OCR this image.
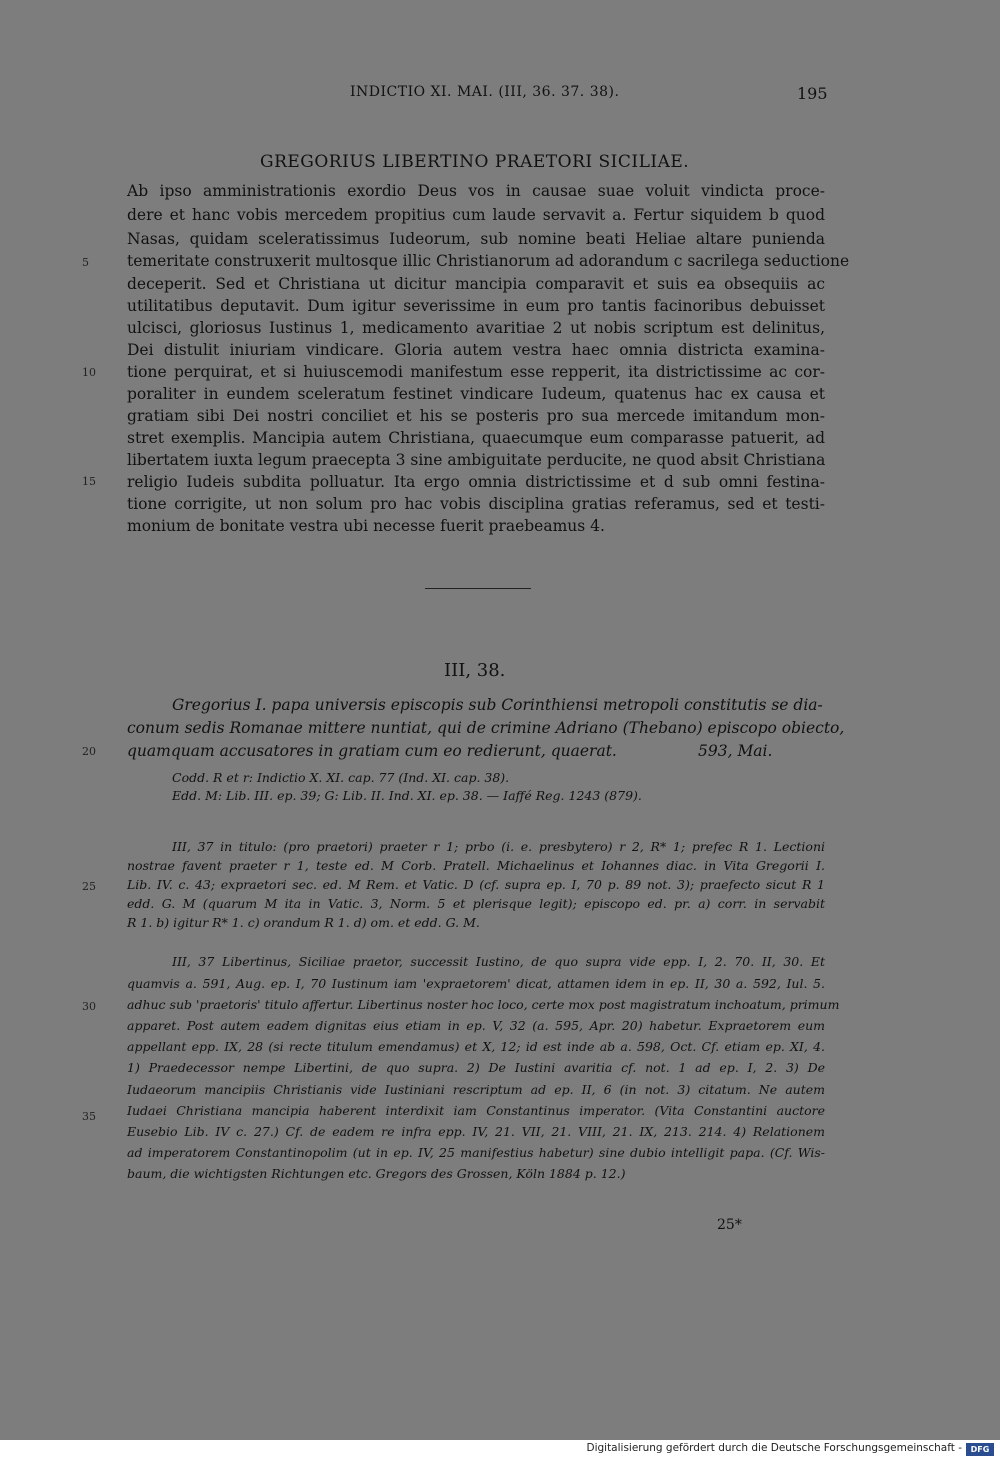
INDICTIO XI. MAI. (III, 36. 37. 38).	195
GREGORIUS LIBERTINO PRAETORI SICILIAE.
Ab ipso amministrationis exordio Deus vos in causae suae voluit vindicta proce-
dere et hanc vobis mercedem propitius cum laude servavit a. Fertur siquidem b quod
Nasas, quidam sceleratissimus Iudeorum, sub nomine beati Heliae altare punienda
temeritate construxerit multosque illic Christianorum ad adorandum c sacrilega seductione
deceperit. Sed et Christiana ut dicitur mancipia comparavit et suis ea obsequiis ac
utilitatibus deputavit. Dum igitur severissime in eum pro tantis facinoribus debuisset
ulcisci, gloriosus Iustinus 1, medicamento avaritiae 2 ut nobis scriptum est delinitus,
Dei distulit iniuriam vindicare. Gloria autem vestra haec omnia districta examina-
tione perquirat, et si huiuscemodi manifestum esse repperit, ita districtissime ac cor-
poraliter in eundem sceleratum festinet vindicare Iudeum, quatenus hac ex causa et
gratiam sibi Dei nostri conciliet et his se posteris pro sua mercede imitandum mon-
stret exemplis. Mancipia autem Christiana, quaecumque eum comparasse patuerit, ad
libertatem iuxta legum praecepta 3 sine ambiguitate perducite, ne quod absit Christiana
religio Iudeis subdita polluatur. Ita ergo omnia districtissime et d sub omni festina-
tione corrigite, ut non solum pro hac vobis disciplina gratias referamus, sed et testi-
monium de bonitate vestra ubi necesse fuerit praebeamus 4.
5
10
15
III, 38.
Gregorius I. papa universis episcopis sub Corinthiensi metropoli constitutis se dia-
conum sedis Romanae mittere nuntiat, qui de crimine Adriano (Thebano) episcopo obiecto,
quamquam accusatores in gratiam cum eo redierunt, quaerat.	593, Mai.
20
Codd. R et r: Indictio X. XI. cap. 77 (Ind. XI. cap. 38).
Edd. M: Lib. III. ep. 39; G: Lib. II. Ind. XI. ep. 38. — Iaffé Reg. 1243 (879).
III, 37 in titulo: (pro praetori) praeter r 1; prbo (i. e. presbytero) r 2, R* 1; prefec R 1. Lectioni
nostrae favent praeter r 1, teste ed. M Corb. Pratell. Michaelinus et Iohannes diac. in Vita Gregorii I.
Lib. IV. c. 43; expraetori sec. ed. M Rem. et Vatic. D (cf. supra ep. I, 70 p. 89 not. 3); praefecto sicut R 1
edd. G. M (quarum M ita in Vatic. 3, Norm. 5 et plerisque legit); episcopo ed. pr. a) corr. in servabit
R 1. b) igitur R* 1. c) orandum R 1. d) om. et edd. G. M.
25
III, 37 Libertinus, Siciliae praetor, successit Iustino, de quo supra vide epp. I, 2. 70. II, 30. Et
quamvis a. 591, Aug. ep. I, 70 Iustinum iam 'expraetorem' dicat, attamen idem in ep. II, 30 a. 592, Iul. 5.
adhuc sub 'praetoris' titulo affertur. Libertinus noster hoc loco, certe mox post magistratum inchoatum, primum
apparet. Post autem eadem dignitas eius etiam in ep. V, 32 (a. 595, Apr. 20) habetur. Expraetorem eum
appellant epp. IX, 28 (si recte titulum emendamus) et X, 12; id est inde ab a. 598, Oct. Cf. etiam ep. XI, 4.
1) Praedecessor nempe Libertini, de quo supra. 2) De Iustini avaritia cf. not. 1 ad ep. I, 2. 3) De
Iudaeorum mancipiis Christianis vide Iustiniani rescriptum ad ep. II, 6 (in not. 3) citatum. Ne autem
Iudaei Christiana mancipia haberent interdixit iam Constantinus imperator. (Vita Constantini auctore
Eusebio Lib. IV c. 27.) Cf. de eadem re infra epp. IV, 21. VII, 21. VIII, 21. IX, 213. 214. 4) Relationem
ad imperatorem Constantinopolim (ut in ep. IV, 25 manifestius habetur) sine dubio intelligit papa. (Cf. Wis-
baum, die wichtigsten Richtungen etc. Gregors des Grossen, Köln 1884 p. 12.)
30
35
25*
Digitalisierung gefördert durch die Deutsche Forschungsgemeinschaft -	DFG
